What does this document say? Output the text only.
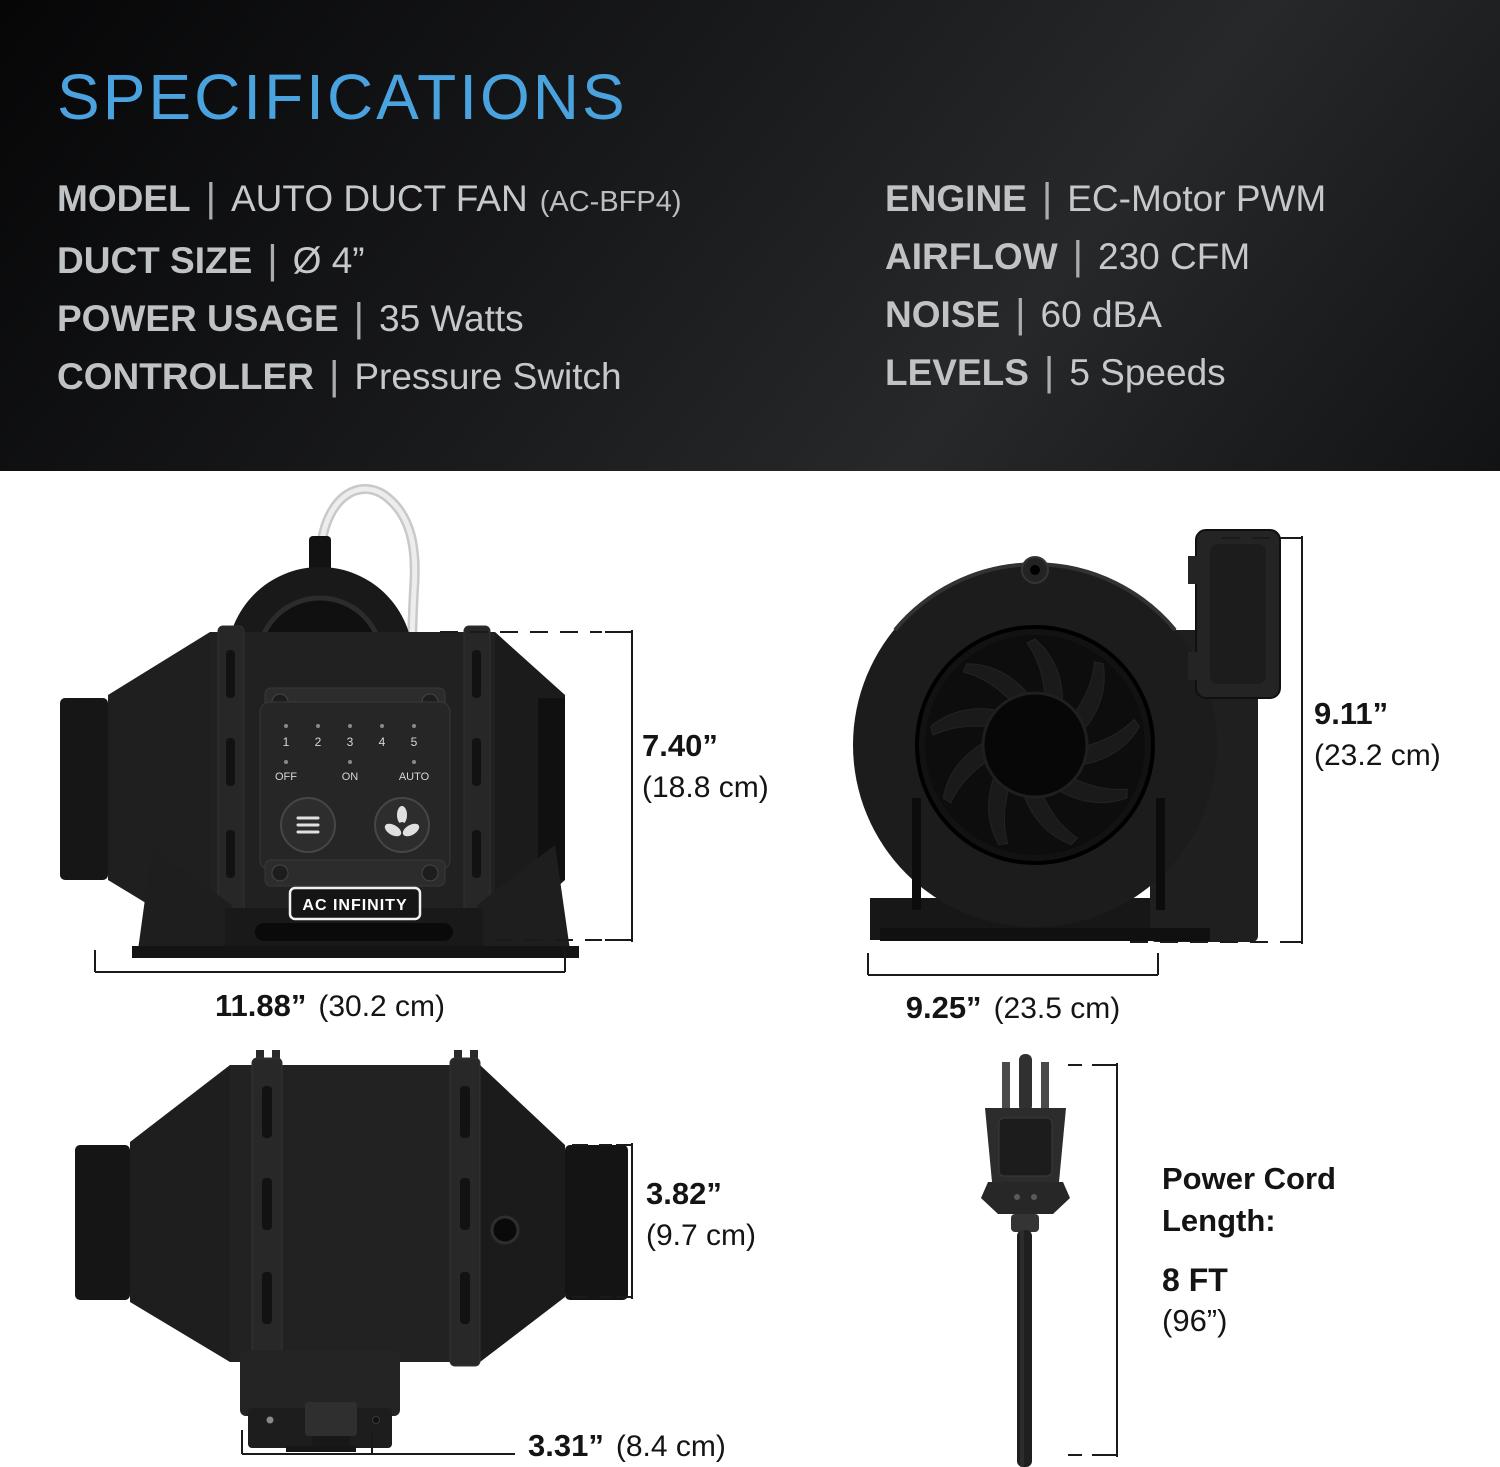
SPECIFICATIONS
MODEL | AUTO DUCT FAN (AC-BFP4)
DUCT SIZE | Ø 4”
POWER USAGE | 35 Watts
CONTROLLER | Pressure Switch
ENGINE | EC-Motor PWM
AIRFLOW | 230 CFM
NOISE | 60 dBA
LEVELS | 5 Speeds
1 2 3 4 5
OFF	ON	AUTO
AC INFINITY
7.40”
(18.8 cm)
11.88” (30.2 cm)
9.11”
(23.2 cm)
9.25” (23.5 cm)
3.82”
(9.7 cm)
3.31” (8.4 cm)
Power Cord
Length:
8 FT
(96”)
